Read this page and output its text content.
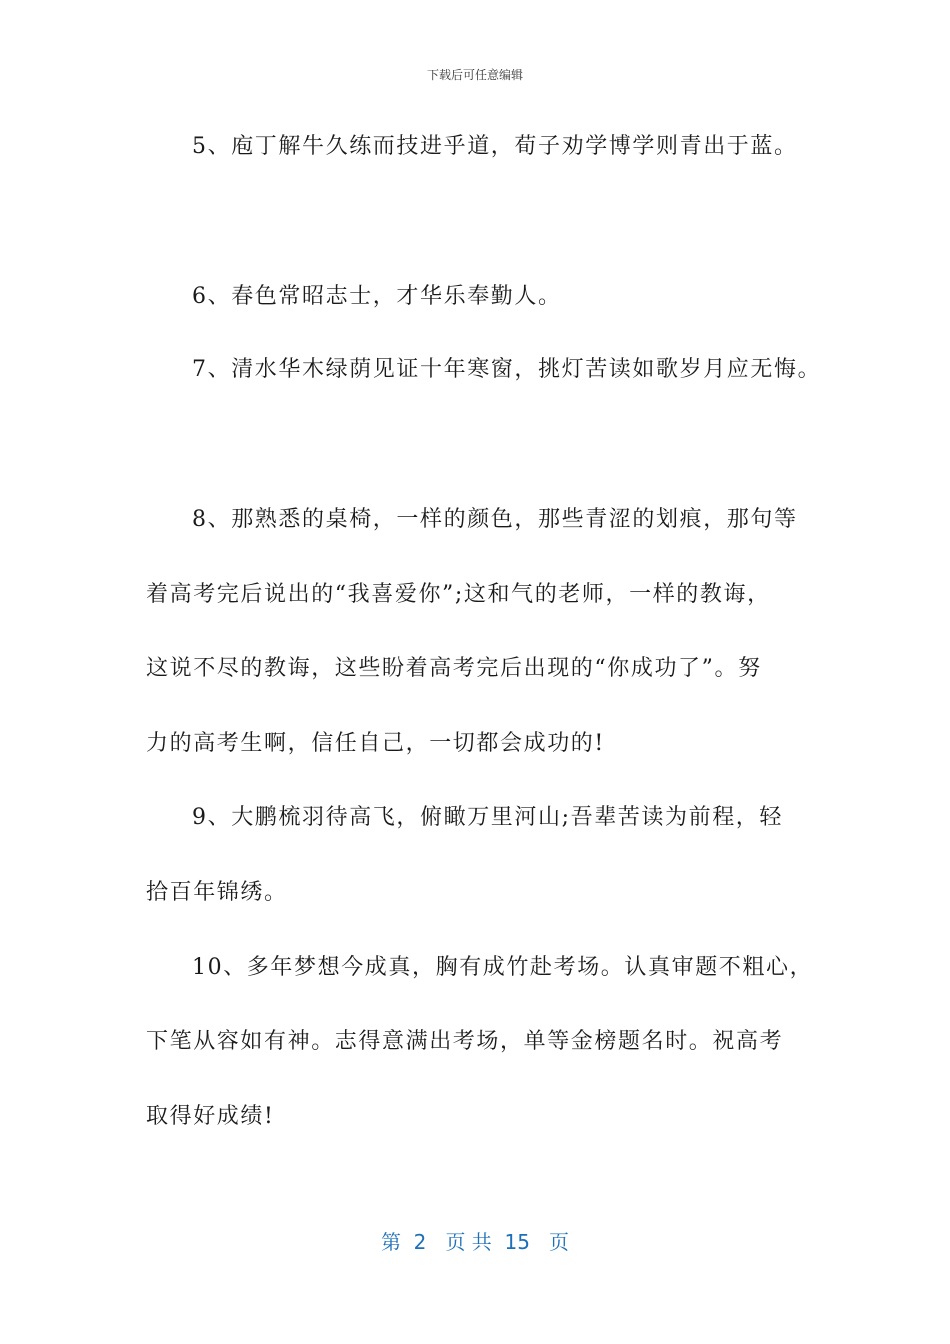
下载后可任意编辑
5、庖丁解牛久练而技进乎道，荀子劝学博学则青出于蓝。
6、春色常昭志士，才华乐奉勤人。
7、清水华木绿荫见证十年寒窗，挑灯苦读如歌岁月应无悔。
8、那熟悉的桌椅，一样的颜色，那些青涩的划痕，那句等
着高考完后说出的“我喜爱你”;这和气的老师，一样的教诲，
这说不尽的教诲，这些盼着高考完后出现的“你成功了”。努
力的高考生啊，信任自己，一切都会成功的!
9、大鹏梳羽待高飞，俯瞰万里河山;吾辈苦读为前程，轻
拾百年锦绣。
10、多年梦想今成真，胸有成竹赴考场。认真审题不粗心，
下笔从容如有神。志得意满出考场，单等金榜题名时。祝高考
取得好成绩!
第  2   页 共  15   页
